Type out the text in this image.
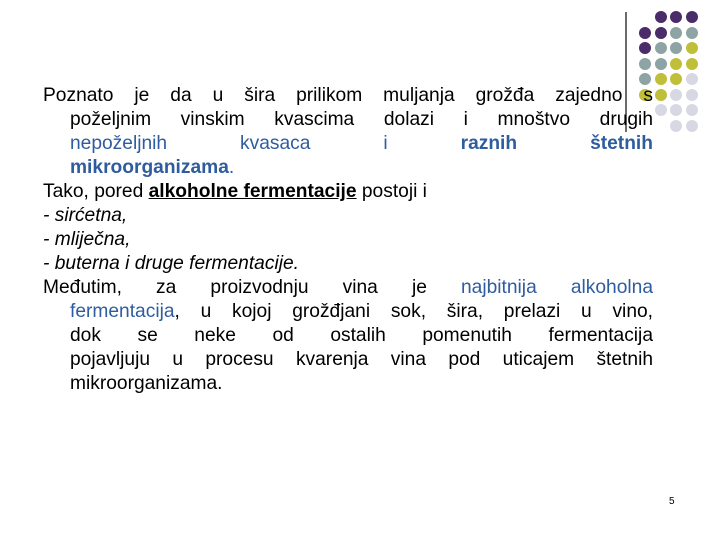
Poznato je da u šira prilikom muljanja grožđa zajedno s
poželjnim vinskim kvascima dolazi i mnoštvo drugih
nepoželjnih	kvasaca	i	raznih	štetnih
mikroorganizama.

Tako, pored alkoholne fermentacije postoji i

- sirćetna,

- mliječna,

- buterna i druge fermentacije.

Međutim, za proizvodnju vina je najbitnija alkoholna
fermentacija, u kojoj grožđjani sok, šira, prelazi u vino,
dok se neke od ostalih pomenutih fermentacija
pojavljuju u procesu kvarenja vina pod uticajem štetnih
mikroorganizama.

5
